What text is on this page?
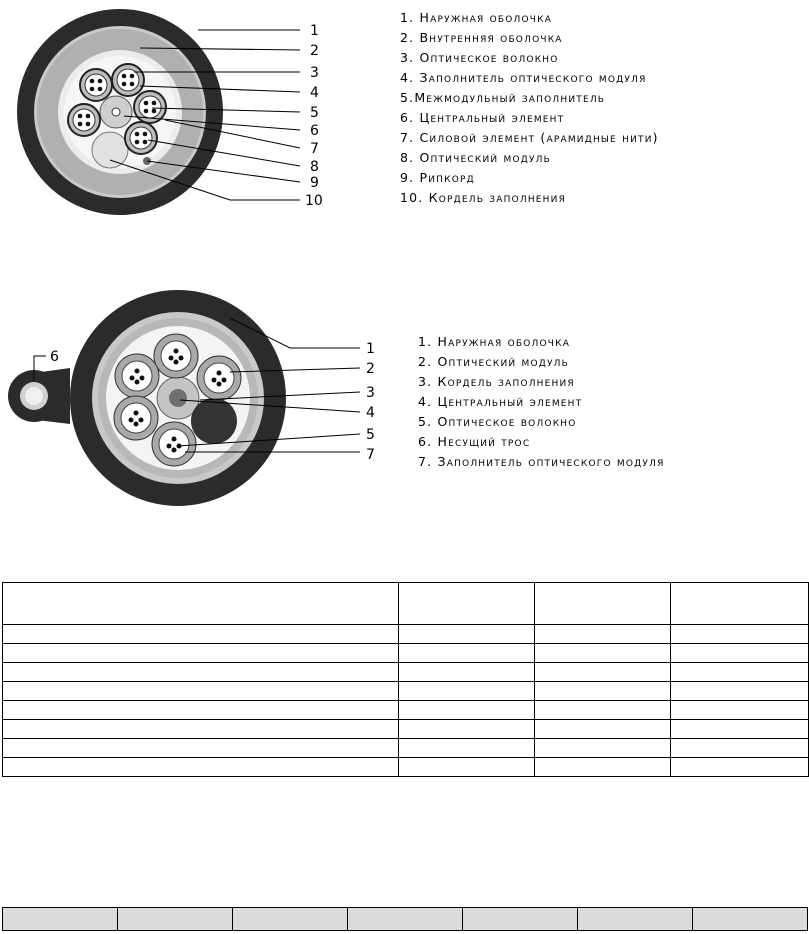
1
2
3
4
5
6
7
8
9
10
1. Наружная оболочка
2. Внутренняя оболочка
3. Оптическое волокно
4. Заполнитель оптического модуля
5.Межмодульный заполнитель
6. Центральный элемент
7. Силовой элемент (арамидные нити)
8. Оптический модуль
9. Рипкорд
10. Кордель заполнения
6	1
2
3
4
5
7
1. Наружная оболочка
2. Оптический модуль
3. Кордель заполнения
4. Центральный элемент
5. Оптическое волокно
6. Несущий трос
7. Заполнитель оптического модуля
